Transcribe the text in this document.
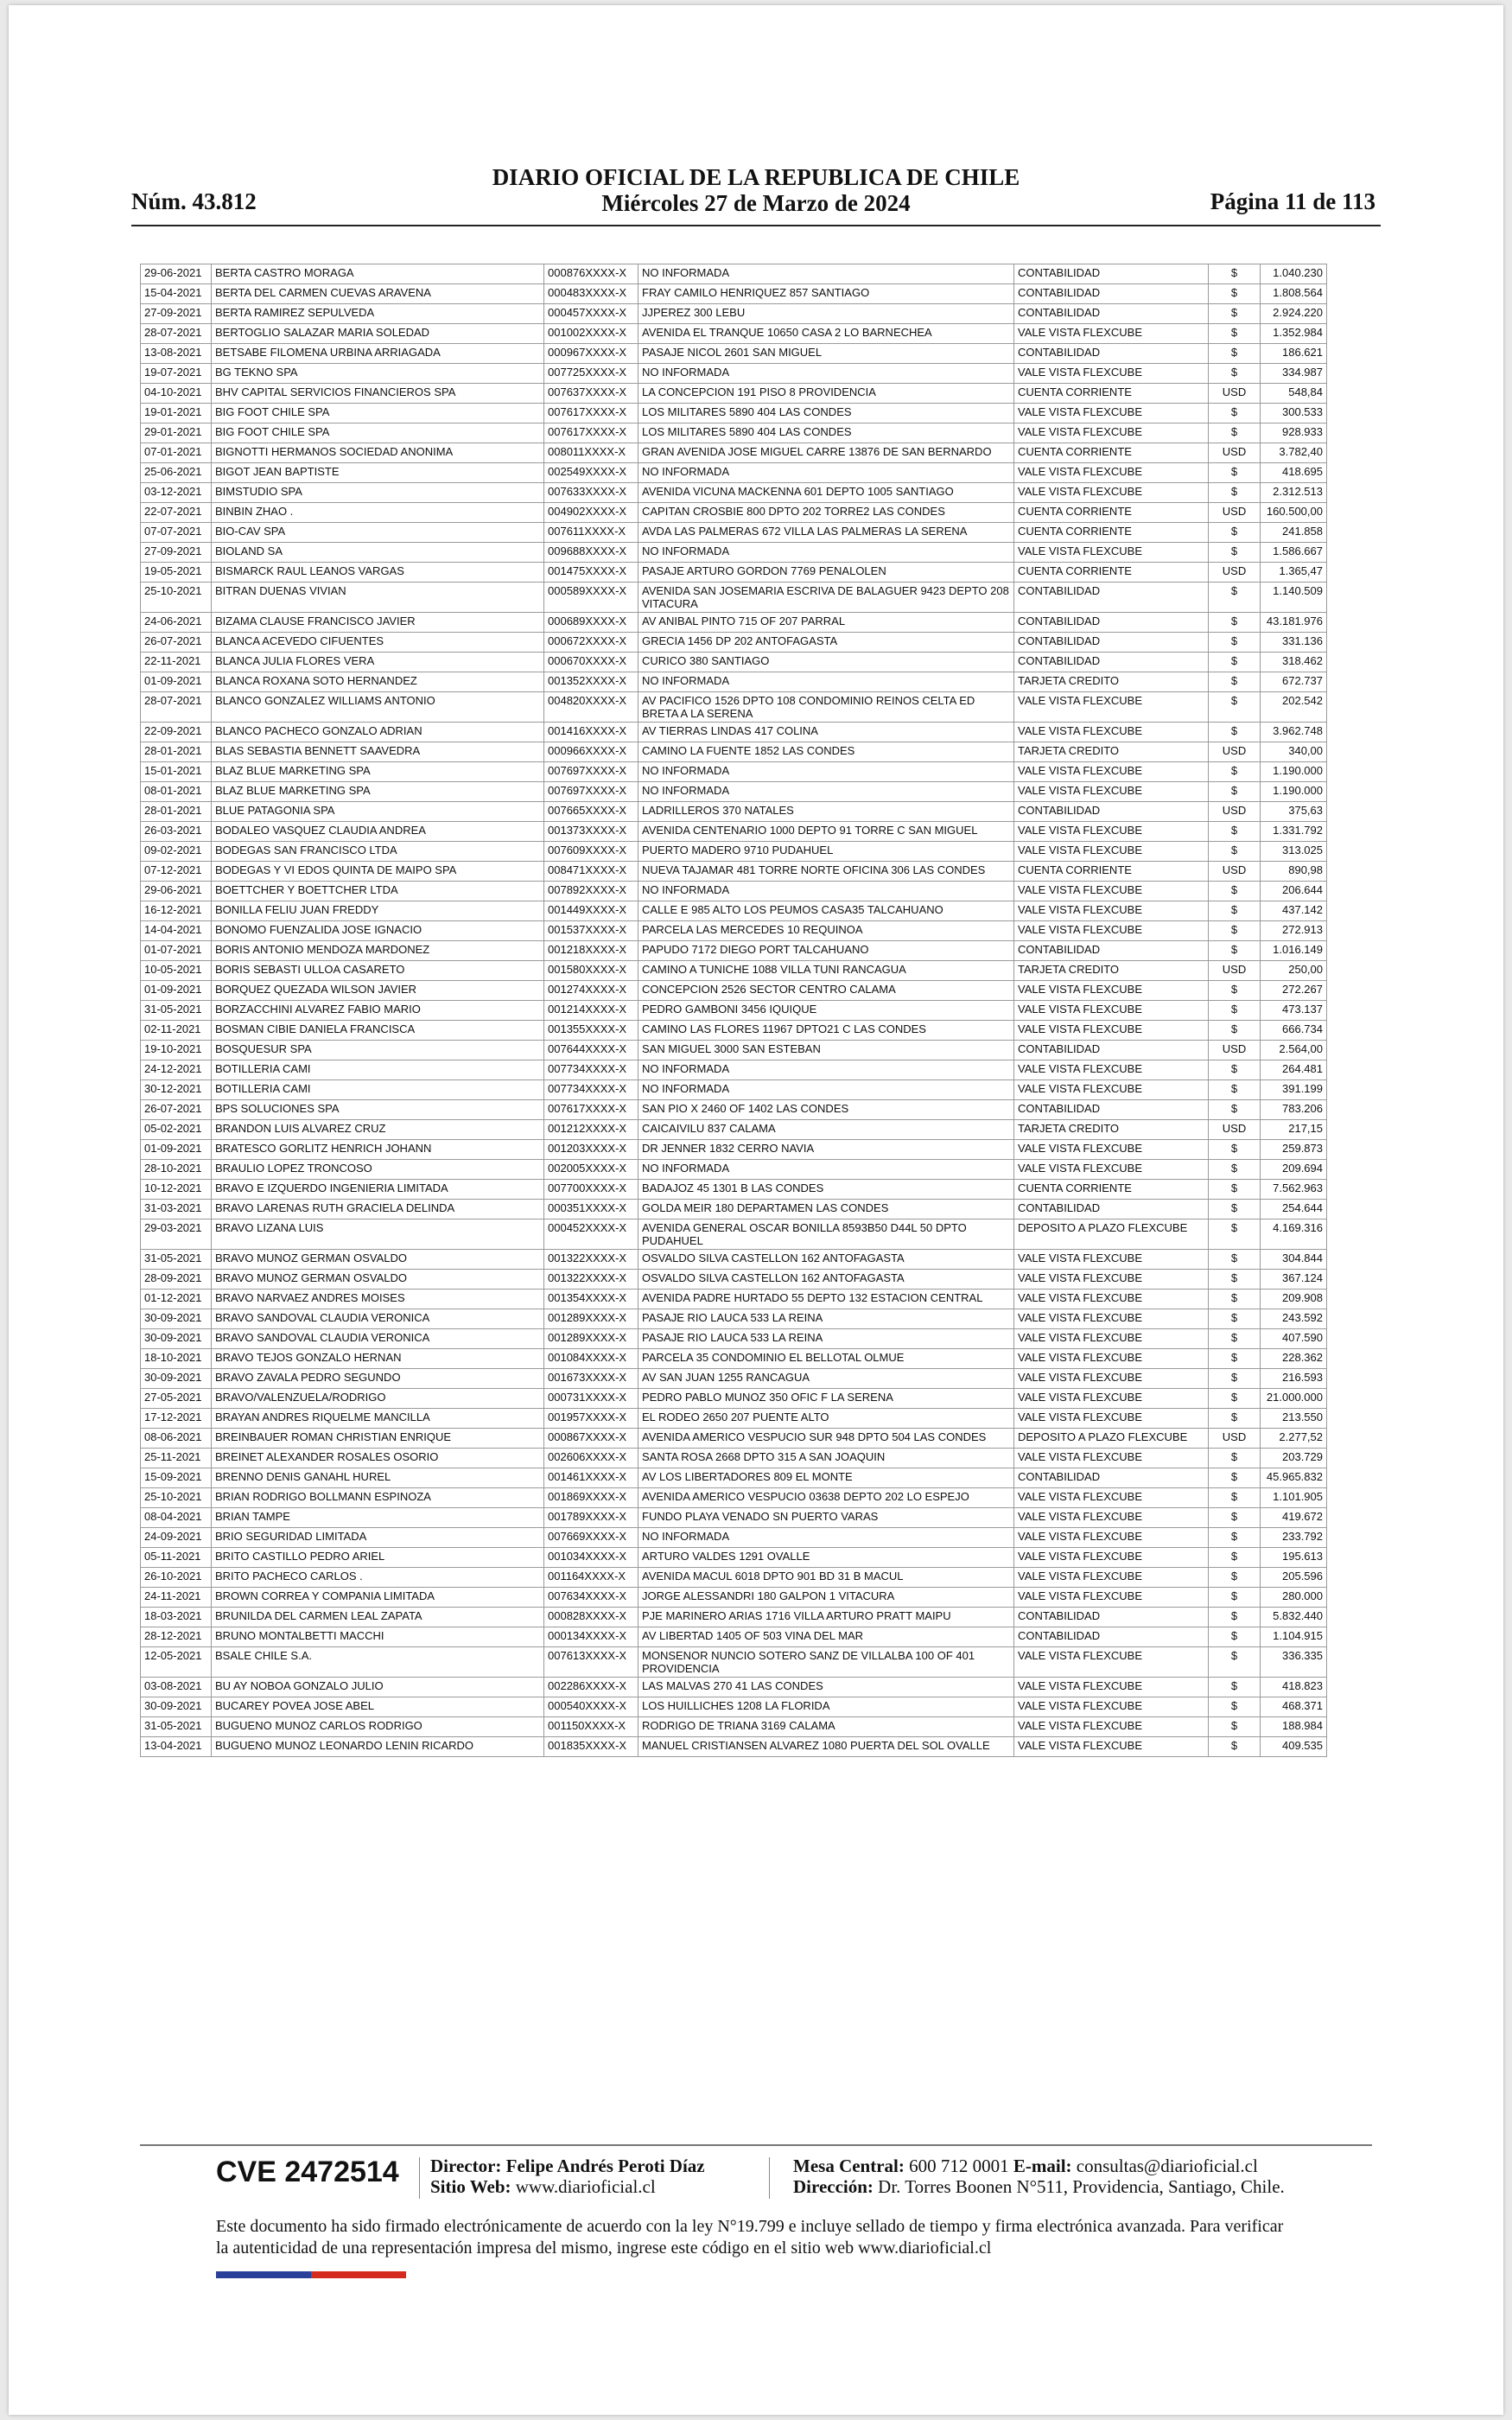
Núm. 43.812
DIARIO OFICIAL DE LA REPUBLICA DE CHILE
Miércoles 27 de Marzo de 2024	Página 11 de 113
29-06-2021	BERTA CASTRO MORAGA	000876XXXX-X	NO INFORMADA	CONTABILIDAD	$	1.040.230
15-04-2021	BERTA DEL CARMEN CUEVAS ARAVENA	000483XXXX-X	FRAY CAMILO HENRIQUEZ 857 SANTIAGO	CONTABILIDAD	$	1.808.564
27-09-2021	BERTA RAMIREZ SEPULVEDA	000457XXXX-X	JJPEREZ 300 LEBU	CONTABILIDAD	$	2.924.220
28-07-2021	BERTOGLIO SALAZAR MARIA SOLEDAD	001002XXXX-X	AVENIDA EL TRANQUE 10650 CASA 2 LO BARNECHEA	VALE VISTA FLEXCUBE	$	1.352.984
13-08-2021	BETSABE FILOMENA URBINA ARRIAGADA	000967XXXX-X	PASAJE NICOL 2601 SAN MIGUEL	CONTABILIDAD	$	186.621
19-07-2021	BG TEKNO SPA	007725XXXX-X	NO INFORMADA	VALE VISTA FLEXCUBE	$	334.987
04-10-2021	BHV CAPITAL SERVICIOS FINANCIEROS SPA	007637XXXX-X	LA CONCEPCION 191 PISO 8 PROVIDENCIA	CUENTA CORRIENTE	USD	548,84
19-01-2021	BIG FOOT CHILE SPA	007617XXXX-X	LOS MILITARES 5890 404 LAS CONDES	VALE VISTA FLEXCUBE	$	300.533
29-01-2021	BIG FOOT CHILE SPA	007617XXXX-X	LOS MILITARES 5890 404 LAS CONDES	VALE VISTA FLEXCUBE	$	928.933
07-01-2021	BIGNOTTI HERMANOS SOCIEDAD ANONIMA	008011XXXX-X	GRAN AVENIDA JOSE MIGUEL CARRE 13876 DE SAN BERNARDO	CUENTA CORRIENTE	USD	3.782,40
25-06-2021	BIGOT JEAN BAPTISTE	002549XXXX-X	NO INFORMADA	VALE VISTA FLEXCUBE	$	418.695
03-12-2021	BIMSTUDIO SPA	007633XXXX-X	AVENIDA VICUNA MACKENNA 601 DEPTO 1005 SANTIAGO	VALE VISTA FLEXCUBE	$	2.312.513
22-07-2021	BINBIN ZHAO .	004902XXXX-X	CAPITAN CROSBIE 800 DPTO 202 TORRE2 LAS CONDES	CUENTA CORRIENTE	USD	160.500,00
07-07-2021	BIO-CAV SPA	007611XXXX-X	AVDA LAS PALMERAS 672 VILLA LAS PALMERAS LA SERENA	CUENTA CORRIENTE	$	241.858
27-09-2021	BIOLAND SA	009688XXXX-X	NO INFORMADA	VALE VISTA FLEXCUBE	$	1.586.667
19-05-2021	BISMARCK RAUL LEANOS VARGAS	001475XXXX-X	PASAJE ARTURO GORDON 7769 PENALOLEN	CUENTA CORRIENTE	USD	1.365,47
25-10-2021	BITRAN DUENAS VIVIAN	000589XXXX-X	AVENIDA SAN JOSEMARIA ESCRIVA DE BALAGUER 9423 DEPTO 208 VITACURA	CONTABILIDAD	$	1.140.509
24-06-2021	BIZAMA CLAUSE FRANCISCO JAVIER	000689XXXX-X	AV ANIBAL PINTO 715 OF 207 PARRAL	CONTABILIDAD	$	43.181.976
26-07-2021	BLANCA ACEVEDO CIFUENTES	000672XXXX-X	GRECIA 1456 DP 202 ANTOFAGASTA	CONTABILIDAD	$	331.136
22-11-2021	BLANCA JULIA FLORES VERA	000670XXXX-X	CURICO 380 SANTIAGO	CONTABILIDAD	$	318.462
01-09-2021	BLANCA ROXANA SOTO HERNANDEZ	001352XXXX-X	NO INFORMADA	TARJETA CREDITO	$	672.737
28-07-2021	BLANCO GONZALEZ WILLIAMS ANTONIO	004820XXXX-X	AV PACIFICO 1526 DPTO 108 CONDOMINIO REINOS CELTA ED BRETA A LA SERENA	VALE VISTA FLEXCUBE	$	202.542
22-09-2021	BLANCO PACHECO GONZALO ADRIAN	001416XXXX-X	AV TIERRAS LINDAS 417 COLINA	VALE VISTA FLEXCUBE	$	3.962.748
28-01-2021	BLAS SEBASTIA BENNETT SAAVEDRA	000966XXXX-X	CAMINO LA FUENTE 1852 LAS CONDES	TARJETA CREDITO	USD	340,00
15-01-2021	BLAZ BLUE MARKETING SPA	007697XXXX-X	NO INFORMADA	VALE VISTA FLEXCUBE	$	1.190.000
08-01-2021	BLAZ BLUE MARKETING SPA	007697XXXX-X	NO INFORMADA	VALE VISTA FLEXCUBE	$	1.190.000
28-01-2021	BLUE PATAGONIA SPA	007665XXXX-X	LADRILLEROS 370 NATALES	CONTABILIDAD	USD	375,63
26-03-2021	BODALEO VASQUEZ CLAUDIA ANDREA	001373XXXX-X	AVENIDA CENTENARIO 1000 DEPTO 91 TORRE C SAN MIGUEL	VALE VISTA FLEXCUBE	$	1.331.792
09-02-2021	BODEGAS SAN FRANCISCO LTDA	007609XXXX-X	PUERTO MADERO 9710 PUDAHUEL	VALE VISTA FLEXCUBE	$	313.025
07-12-2021	BODEGAS Y VI EDOS QUINTA DE MAIPO SPA	008471XXXX-X	NUEVA TAJAMAR 481 TORRE NORTE OFICINA 306 LAS CONDES	CUENTA CORRIENTE	USD	890,98
29-06-2021	BOETTCHER Y BOETTCHER LTDA	007892XXXX-X	NO INFORMADA	VALE VISTA FLEXCUBE	$	206.644
16-12-2021	BONILLA FELIU JUAN FREDDY	001449XXXX-X	CALLE E 985 ALTO LOS PEUMOS CASA35 TALCAHUANO	VALE VISTA FLEXCUBE	$	437.142
14-04-2021	BONOMO FUENZALIDA JOSE IGNACIO	001537XXXX-X	PARCELA LAS MERCEDES 10 REQUINOA	VALE VISTA FLEXCUBE	$	272.913
01-07-2021	BORIS ANTONIO MENDOZA MARDONEZ	001218XXXX-X	PAPUDO 7172 DIEGO PORT TALCAHUANO	CONTABILIDAD	$	1.016.149
10-05-2021	BORIS SEBASTI ULLOA CASARETO	001580XXXX-X	CAMINO A TUNICHE 1088 VILLA TUNI RANCAGUA	TARJETA CREDITO	USD	250,00
01-09-2021	BORQUEZ QUEZADA WILSON JAVIER	001274XXXX-X	CONCEPCION 2526 SECTOR CENTRO CALAMA	VALE VISTA FLEXCUBE	$	272.267
31-05-2021	BORZACCHINI ALVAREZ FABIO MARIO	001214XXXX-X	PEDRO GAMBONI 3456 IQUIQUE	VALE VISTA FLEXCUBE	$	473.137
02-11-2021	BOSMAN CIBIE DANIELA FRANCISCA	001355XXXX-X	CAMINO LAS FLORES 11967 DPTO21 C LAS CONDES	VALE VISTA FLEXCUBE	$	666.734
19-10-2021	BOSQUESUR SPA	007644XXXX-X	SAN MIGUEL 3000 SAN ESTEBAN	CONTABILIDAD	USD	2.564,00
24-12-2021	BOTILLERIA CAMI	007734XXXX-X	NO INFORMADA	VALE VISTA FLEXCUBE	$	264.481
30-12-2021	BOTILLERIA CAMI	007734XXXX-X	NO INFORMADA	VALE VISTA FLEXCUBE	$	391.199
26-07-2021	BPS SOLUCIONES SPA	007617XXXX-X	SAN PIO X 2460 OF 1402 LAS CONDES	CONTABILIDAD	$	783.206
05-02-2021	BRANDON LUIS ALVAREZ CRUZ	001212XXXX-X	CAICAIVILU 837 CALAMA	TARJETA CREDITO	USD	217,15
01-09-2021	BRATESCO GORLITZ HENRICH JOHANN	001203XXXX-X	DR JENNER 1832 CERRO NAVIA	VALE VISTA FLEXCUBE	$	259.873
28-10-2021	BRAULIO LOPEZ TRONCOSO	002005XXXX-X	NO INFORMADA	VALE VISTA FLEXCUBE	$	209.694
10-12-2021	BRAVO E IZQUERDO INGENIERIA LIMITADA	007700XXXX-X	BADAJOZ 45 1301 B LAS CONDES	CUENTA CORRIENTE	$	7.562.963
31-03-2021	BRAVO LARENAS RUTH GRACIELA DELINDA	000351XXXX-X	GOLDA MEIR 180 DEPARTAMEN LAS CONDES	CONTABILIDAD	$	254.644
29-03-2021	BRAVO LIZANA LUIS	000452XXXX-X	AVENIDA GENERAL OSCAR BONILLA 8593B50 D44L 50 DPTO PUDAHUEL	DEPOSITO A PLAZO FLEXCUBE	$	4.169.316
31-05-2021	BRAVO MUNOZ GERMAN OSVALDO	001322XXXX-X	OSVALDO SILVA CASTELLON 162 ANTOFAGASTA	VALE VISTA FLEXCUBE	$	304.844
28-09-2021	BRAVO MUNOZ GERMAN OSVALDO	001322XXXX-X	OSVALDO SILVA CASTELLON 162 ANTOFAGASTA	VALE VISTA FLEXCUBE	$	367.124
01-12-2021	BRAVO NARVAEZ ANDRES MOISES	001354XXXX-X	AVENIDA PADRE HURTADO 55 DEPTO 132 ESTACION CENTRAL	VALE VISTA FLEXCUBE	$	209.908
30-09-2021	BRAVO SANDOVAL CLAUDIA VERONICA	001289XXXX-X	PASAJE RIO LAUCA 533 LA REINA	VALE VISTA FLEXCUBE	$	243.592
30-09-2021	BRAVO SANDOVAL CLAUDIA VERONICA	001289XXXX-X	PASAJE RIO LAUCA 533 LA REINA	VALE VISTA FLEXCUBE	$	407.590
18-10-2021	BRAVO TEJOS GONZALO HERNAN	001084XXXX-X	PARCELA 35 CONDOMINIO EL BELLOTAL OLMUE	VALE VISTA FLEXCUBE	$	228.362
30-09-2021	BRAVO ZAVALA PEDRO SEGUNDO	001673XXXX-X	AV SAN JUAN 1255 RANCAGUA	VALE VISTA FLEXCUBE	$	216.593
27-05-2021	BRAVO/VALENZUELA/RODRIGO	000731XXXX-X	PEDRO PABLO MUNOZ 350 OFIC F LA SERENA	VALE VISTA FLEXCUBE	$	21.000.000
17-12-2021	BRAYAN ANDRES RIQUELME MANCILLA	001957XXXX-X	EL RODEO 2650 207 PUENTE ALTO	VALE VISTA FLEXCUBE	$	213.550
08-06-2021	BREINBAUER ROMAN CHRISTIAN ENRIQUE	000867XXXX-X	AVENIDA AMERICO VESPUCIO SUR 948 DPTO 504 LAS CONDES	DEPOSITO A PLAZO FLEXCUBE	USD	2.277,52
25-11-2021	BREINET ALEXANDER ROSALES OSORIO	002606XXXX-X	SANTA ROSA 2668 DPTO 315 A SAN JOAQUIN	VALE VISTA FLEXCUBE	$	203.729
15-09-2021	BRENNO DENIS GANAHL HUREL	001461XXXX-X	AV LOS LIBERTADORES 809 EL MONTE	CONTABILIDAD	$	45.965.832
25-10-2021	BRIAN RODRIGO BOLLMANN ESPINOZA	001869XXXX-X	AVENIDA AMERICO VESPUCIO 03638 DEPTO 202 LO ESPEJO	VALE VISTA FLEXCUBE	$	1.101.905
08-04-2021	BRIAN TAMPE	001789XXXX-X	FUNDO PLAYA VENADO SN PUERTO VARAS	VALE VISTA FLEXCUBE	$	419.672
24-09-2021	BRIO SEGURIDAD LIMITADA	007669XXXX-X	NO INFORMADA	VALE VISTA FLEXCUBE	$	233.792
05-11-2021	BRITO CASTILLO PEDRO ARIEL	001034XXXX-X	ARTURO VALDES 1291 OVALLE	VALE VISTA FLEXCUBE	$	195.613
26-10-2021	BRITO PACHECO CARLOS .	001164XXXX-X	AVENIDA MACUL 6018 DPTO 901 BD 31 B MACUL	VALE VISTA FLEXCUBE	$	205.596
24-11-2021	BROWN CORREA Y COMPANIA LIMITADA	007634XXXX-X	JORGE ALESSANDRI 180 GALPON 1 VITACURA	VALE VISTA FLEXCUBE	$	280.000
18-03-2021	BRUNILDA DEL CARMEN LEAL ZAPATA	000828XXXX-X	PJE MARINERO ARIAS 1716 VILLA ARTURO PRATT MAIPU	CONTABILIDAD	$	5.832.440
28-12-2021	BRUNO MONTALBETTI MACCHI	000134XXXX-X	AV LIBERTAD 1405 OF 503 VINA DEL MAR	CONTABILIDAD	$	1.104.915
12-05-2021	BSALE CHILE S.A.	007613XXXX-X	MONSENOR NUNCIO SOTERO SANZ DE VILLALBA 100 OF 401 PROVIDENCIA	VALE VISTA FLEXCUBE	$	336.335
03-08-2021	BU AY NOBOA GONZALO JULIO	002286XXXX-X	LAS MALVAS 270 41 LAS CONDES	VALE VISTA FLEXCUBE	$	418.823
30-09-2021	BUCAREY POVEA JOSE ABEL	000540XXXX-X	LOS HUILLICHES 1208 LA FLORIDA	VALE VISTA FLEXCUBE	$	468.371
31-05-2021	BUGUENO MUNOZ CARLOS RODRIGO	001150XXXX-X	RODRIGO DE TRIANA 3169 CALAMA	VALE VISTA FLEXCUBE	$	188.984
13-04-2021	BUGUENO MUNOZ LEONARDO LENIN RICARDO	001835XXXX-X	MANUEL CRISTIANSEN ALVAREZ 1080 PUERTA DEL SOL OVALLE	VALE VISTA FLEXCUBE	$	409.535
CVE 2472514 Director: Felipe Andrés Peroti Díaz
Sitio Web: www.diarioficial.cl
Mesa Central: 600 712 0001 E-mail: consultas@diarioficial.cl
Dirección: Dr. Torres Boonen N°511, Providencia, Santiago, Chile.
Este documento ha sido firmado electrónicamente de acuerdo con la ley N°19.799 e incluye sellado de tiempo y firma electrónica avanzada. Para verificar la autenticidad de una representación impresa del mismo, ingrese este código en el sitio web www.diarioficial.cl
